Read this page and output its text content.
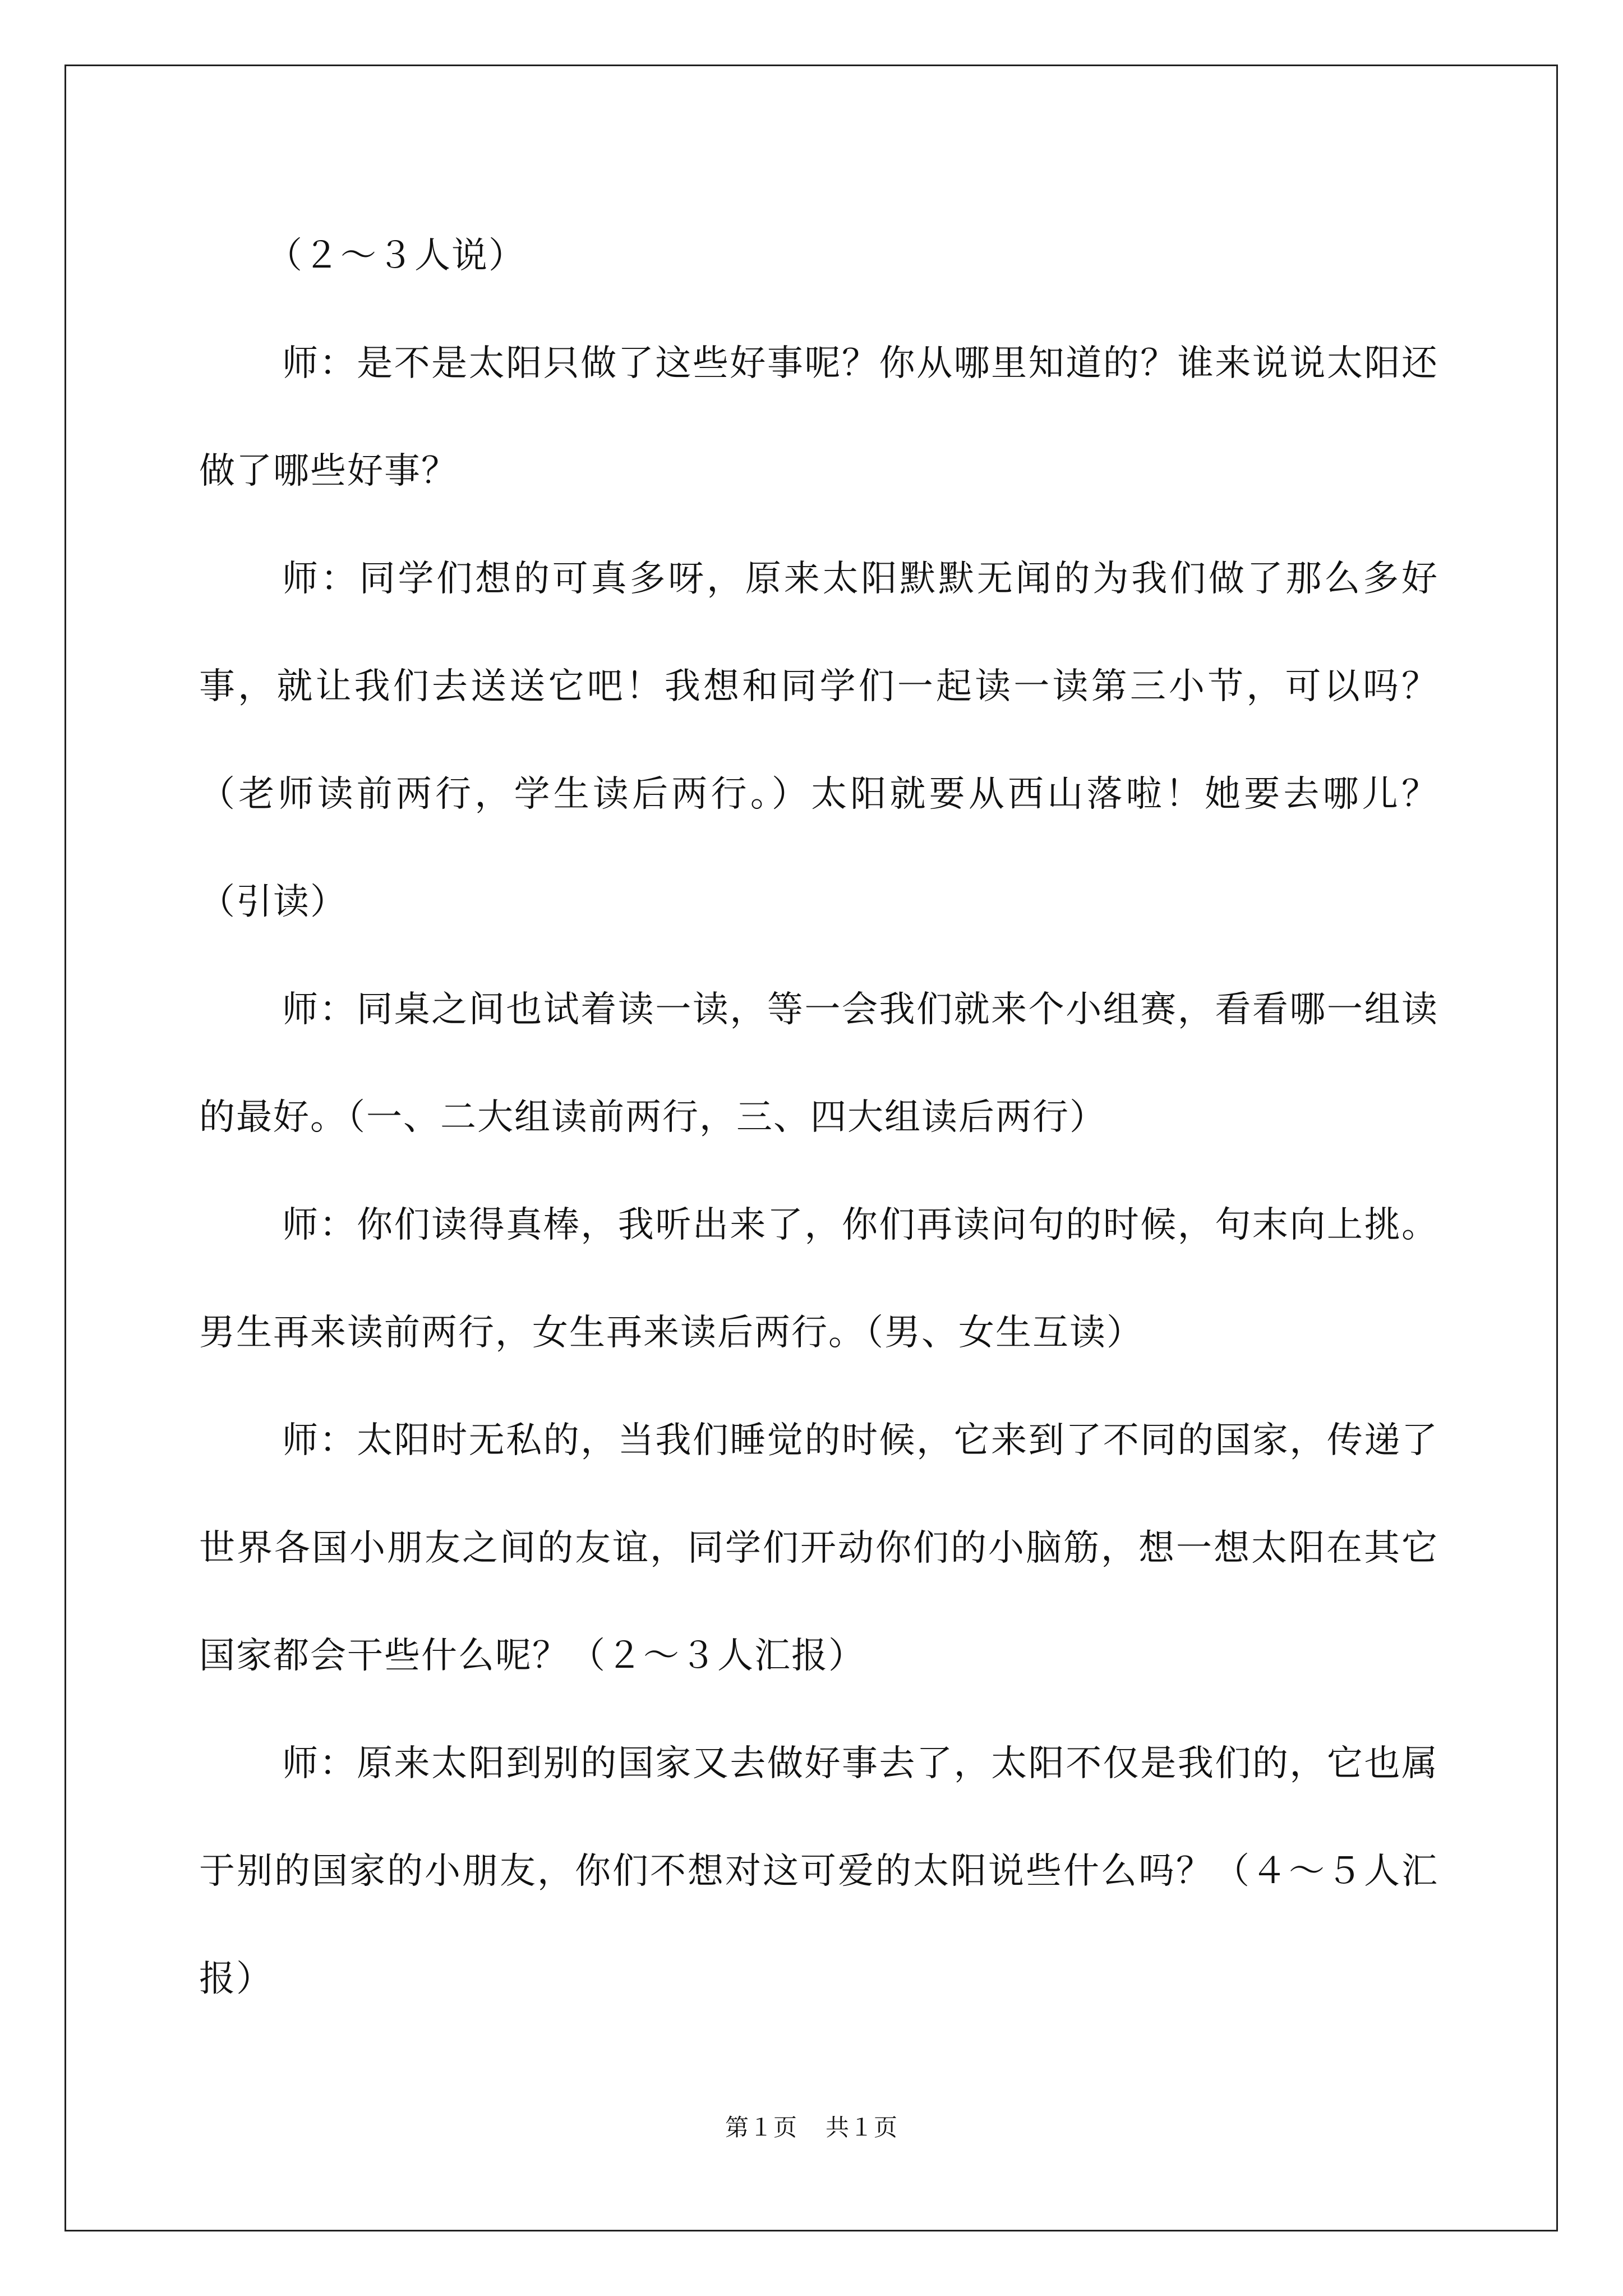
（２～３人说）

师：是不是太阳只做了这些好事呢？你从哪里知道的？谁来说说太阳还做了哪些好事？

师：同学们想的可真多呀，原来太阳默默无闻的为我们做了那么多好事，就让我们去送送它吧！我想和同学们一起读一读第三小节，可以吗？（老师读前两行，学生读后两行。）太阳就要从西山落啦！她要去哪儿？（引读）

师：同桌之间也试着读一读，等一会我们就来个小组赛，看看哪一组读的最好。（一、二大组读前两行，三、四大组读后两行）

师：你们读得真棒，我听出来了，你们再读问句的时候，句末向上挑。男生再来读前两行，女生再来读后两行。（男、女生互读）

师：太阳时无私的，当我们睡觉的时候，它来到了不同的国家，传递了世界各国小朋友之间的友谊，同学们开动你们的小脑筋，想一想太阳在其它国家都会干些什么呢？（２～３人汇报）

师：原来太阳到别的国家又去做好事去了，太阳不仅是我们的，它也属于别的国家的小朋友，你们不想对这可爱的太阳说些什么吗？（４～５人汇报）

第１页 共１页
